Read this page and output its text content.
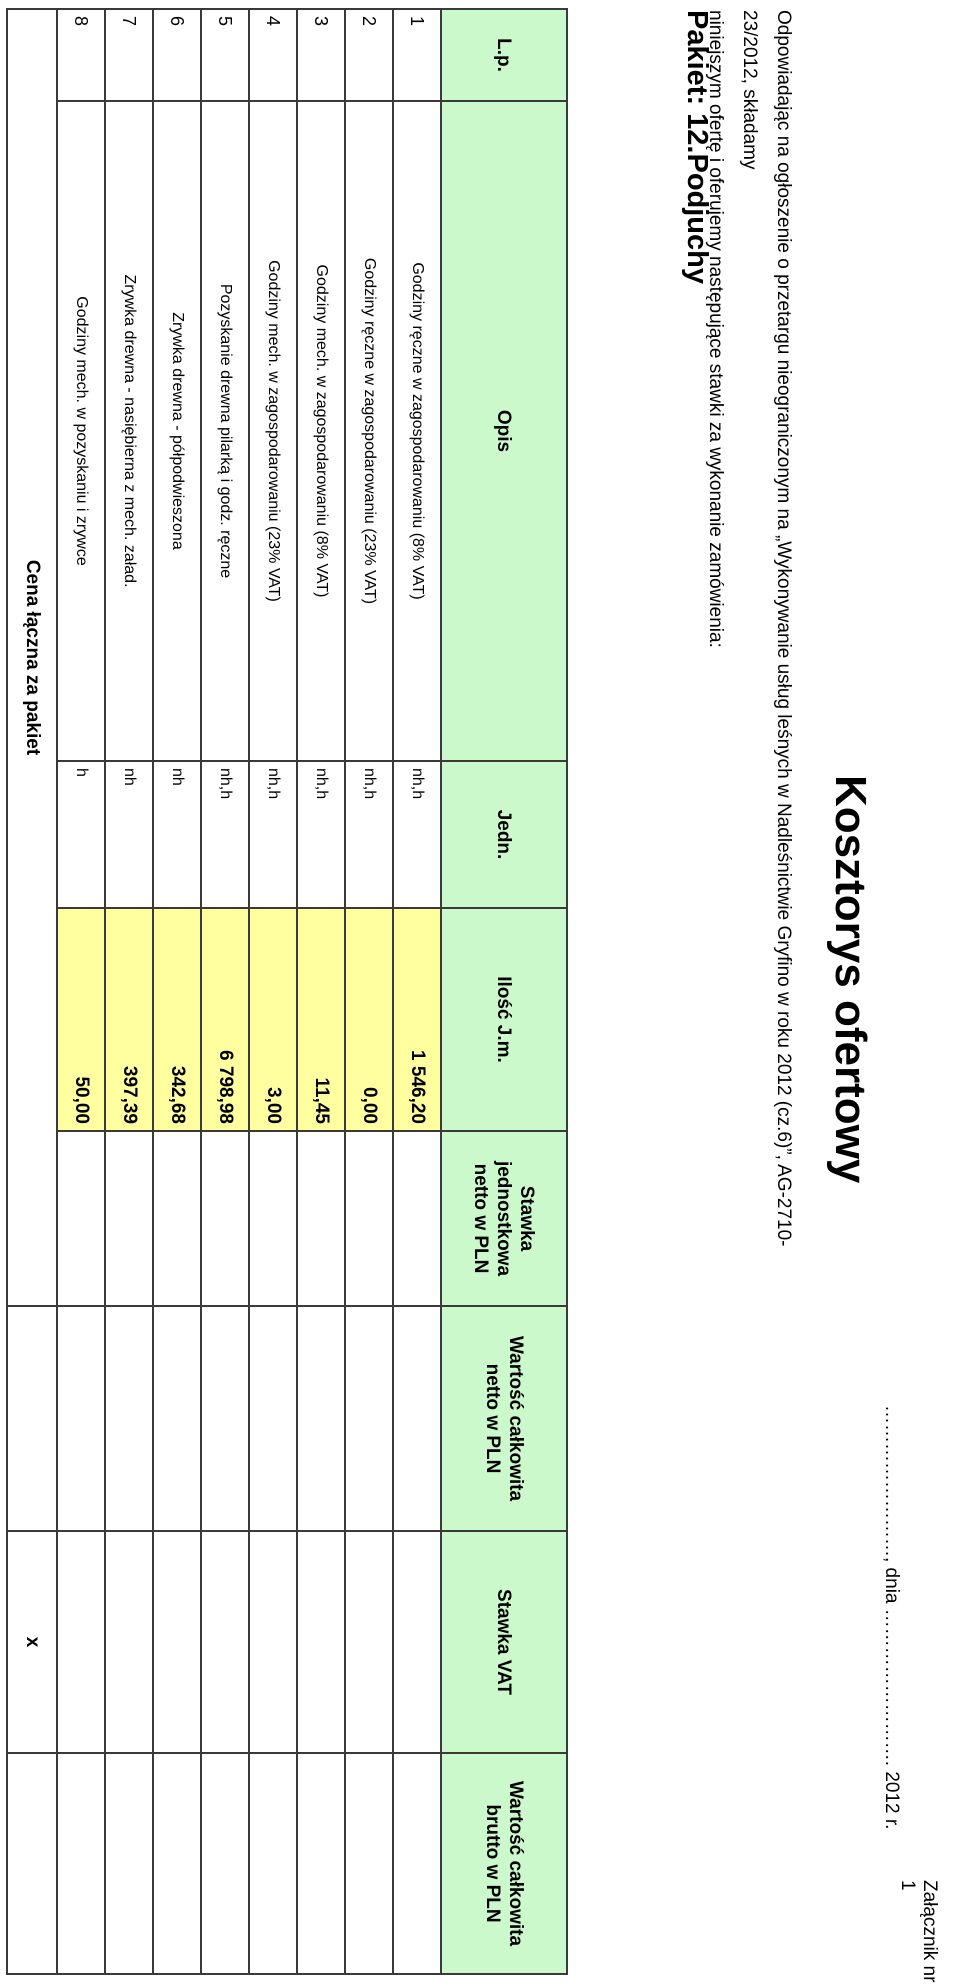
Załącznik nr 1
……………………, dnia ……………………. 2012 r.
Kosztorys ofertowy
Odpowiadając na ogłoszenie o przetargu nieograniczonym na „Wykonywanie usług leśnych w Nadleśnictwie Gryfino w roku 2012 (cz.6)”, AG-2710-23/2012, składamy
niniejszym ofertę i oferujemy następujące stawki za wykonanie zamówienia:
Pakiet: 12.Podjuchy
L.p.	Opis	Jedn.	Ilość J.m.	Stawka jednostkowa netto w PLN	Wartość całkowita netto w PLN	Stawka VAT	Wartość całkowita brutto w PLN
1	Godziny ręczne w zagospodarowaniu (8% VAT)	nh,h	1 546,20				
2	Godziny ręczne w zagospodarowaniu (23% VAT)	nh,h	0,00				
3	Godziny mech. w zagospodarowaniu (8% VAT)	nh,h	11,45				
4	Godziny mech. w zagospodarowaniu (23% VAT)	nh,h	3,00				
5	Pozyskanie drewna pilarką i godz. ręczne	nh,h	6 798,98				
6	Zrywka drewna - półpodwieszona	nh	342,68				
7	Zrywka drewna - nasiębierna z mech. załad.	nh	397,39				
8	Godziny mech. w pozyskaniu i zrywce	h	50,00				
Cena łączna za pakiet						x	
